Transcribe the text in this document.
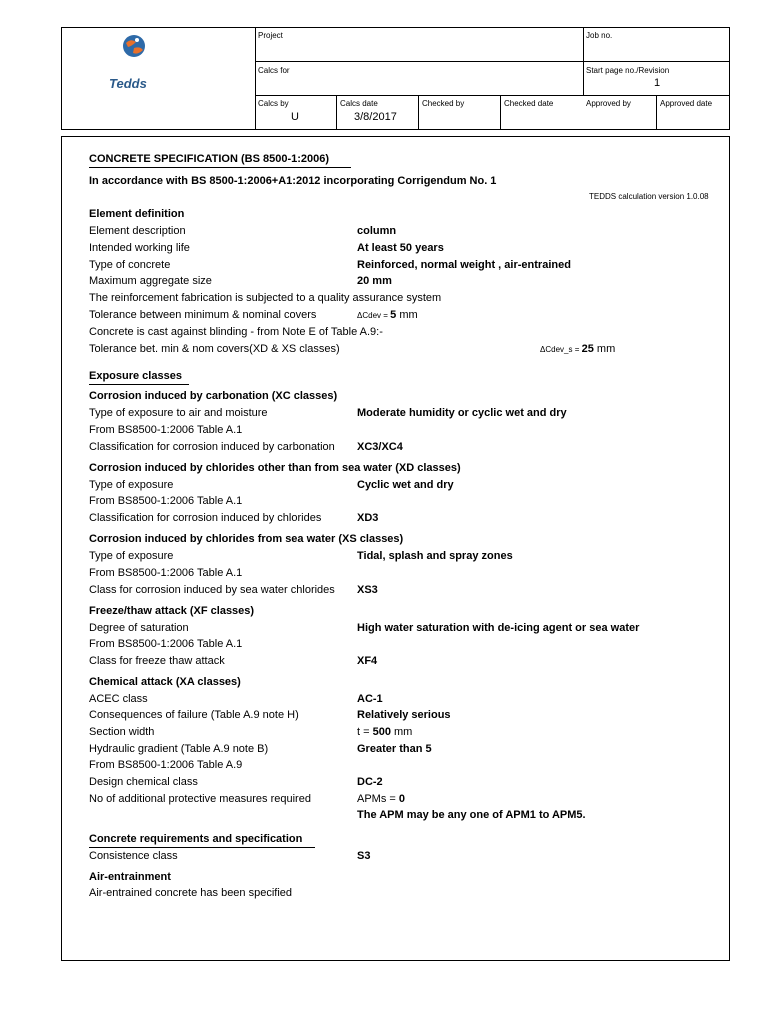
Tedds
Project	Job no.
Calcs for	Start page no./Revision
1
Calcs by
U
Calcs date
3/8/2017
Checked by	Checked date	Approved by	Approved date
CONCRETE SPECIFICATION (BS 8500-1:2006)
In accordance with BS 8500-1:2006+A1:2012 incorporating Corrigendum No. 1
TEDDS calculation version 1.0.08
Element definition
Element description	column
Intended working life	At least 50 years
Type of concrete	Reinforced, normal weight , air-entrained
Maximum aggregate size	20 mm
The reinforcement fabrication is subjected to a quality assurance system
Tolerance between minimum & nominal covers	ΔCdev = 5 mm
Concrete is cast against blinding - from Note E of Table A.9:-
Tolerance bet. min & nom covers(XD & XS classes)	ΔCdev_s = 25 mm
Exposure classes
Corrosion induced by carbonation (XC classes)
Type of exposure to air and moisture	Moderate humidity or cyclic wet and dry
From BS8500-1:2006 Table A.1
Classification for corrosion induced by carbonation XC3/XC4
Corrosion induced by chlorides other than from sea water (XD classes)
Type of exposure	Cyclic wet and dry
From BS8500-1:2006 Table A.1
Classification for corrosion induced by chlorides	XD3
Corrosion induced by chlorides from sea water (XS classes)
Type of exposure	Tidal, splash and spray zones
From BS8500-1:2006 Table A.1
Class for corrosion induced by sea water chlorides XS3
Freeze/thaw attack (XF classes)
Degree of saturation	High water saturation with de-icing agent or sea water
From BS8500-1:2006 Table A.1
Class for freeze thaw attack	XF4
Chemical attack (XA classes)
ACEC class	AC-1
Consequences of failure (Table A.9 note H)	Relatively serious
Section width	t = 500 mm
Hydraulic gradient (Table A.9 note B)	Greater than 5
From BS8500-1:2006 Table A.9
Design chemical class	DC-2
No of additional protective measures required	APMs = 0
The APM may be any one of APM1 to APM5.
Concrete requirements and specification
Consistence class	S3
Air-entrainment
Air-entrained concrete has been specified
